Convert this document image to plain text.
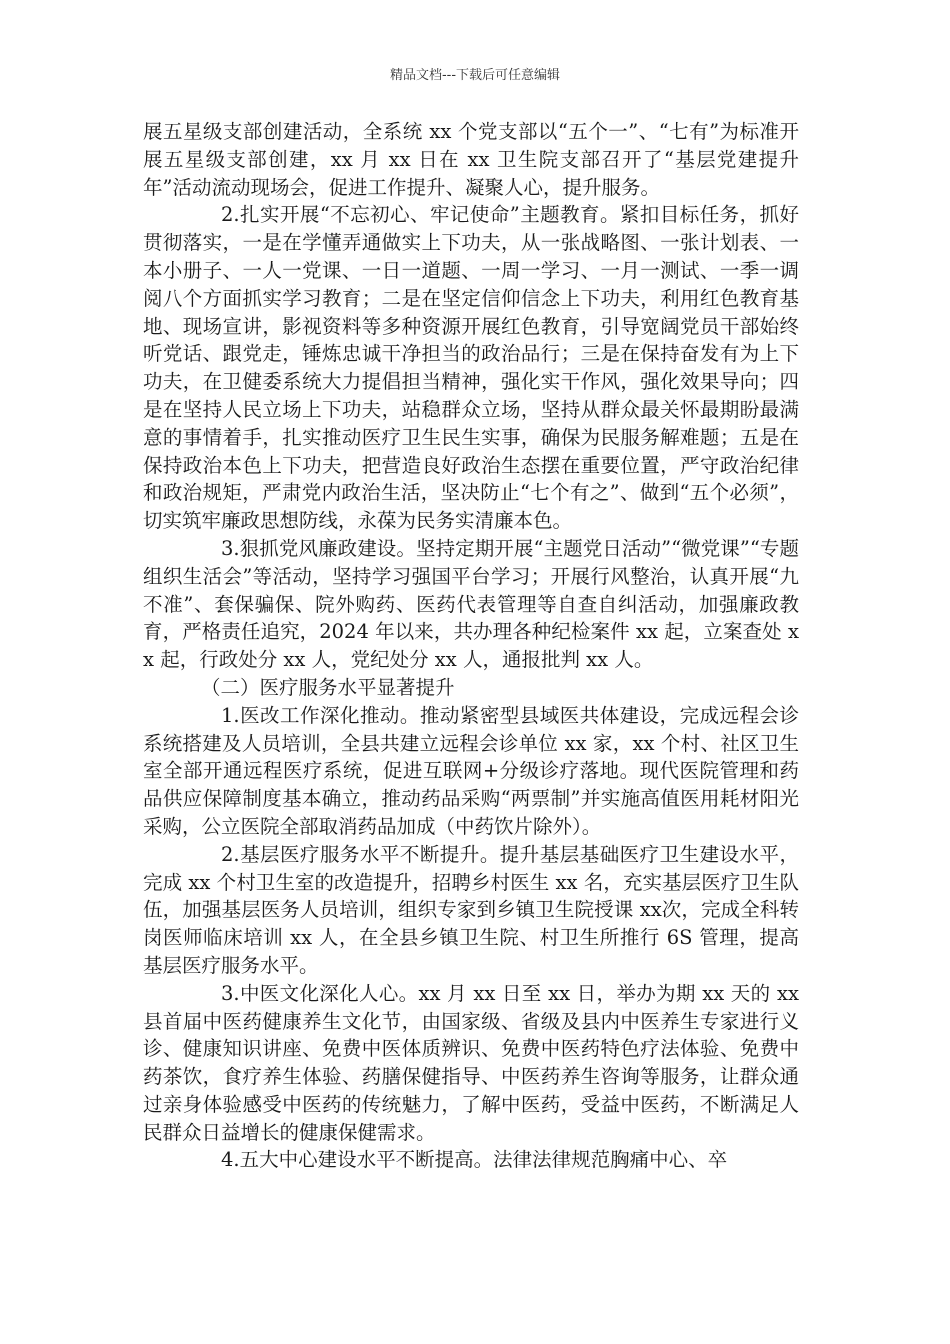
精品文档---下载后可任意编辑

展五星级支部创建活动，全系统 xx 个党支部以“五个一”、“七有”为标准开展五星级支部创建，xx 月 xx 日在 xx 卫生院支部召开了“基层党建提升年”活动流动现场会，促进工作提升、凝聚人心，提升服务。

2.扎实开展“不忘初心、牢记使命”主题教育。紧扣目标任务，抓好贯彻落实，一是在学懂弄通做实上下功夫，从一张战略图、一张计划表、一本小册子、一人一党课、一日一道题、一周一学习、一月一测试、一季一调阅八个方面抓实学习教育；二是在坚定信仰信念上下功夫，利用红色教育基地、现场宣讲，影视资料等多种资源开展红色教育，引导宽阔党员干部始终听党话、跟党走，锤炼忠诚干净担当的政治品行；三是在保持奋发有为上下功夫，在卫健委系统大力提倡担当精神，强化实干作风，强化效果导向；四是在坚持人民立场上下功夫，站稳群众立场，坚持从群众最关怀最期盼最满意的事情着手，扎实推动医疗卫生民生实事，确保为民服务解难题；五是在保持政治本色上下功夫，把营造良好政治生态摆在重要位置，严守政治纪律和政治规矩，严肃党内政治生活，坚决防止“七个有之”、做到“五个必须”，切实筑牢廉政思想防线，永葆为民务实清廉本色。

3.狠抓党风廉政建设。坚持定期开展“主题党日活动”“微党课”“专题组织生活会”等活动，坚持学习强国平台学习；开展行风整治，认真开展“九不准”、套保骗保、院外购药、医药代表管理等自查自纠活动，加强廉政教育，严格责任追究，2024 年以来，共办理各种纪检案件 xx 起，立案查处 xx 起，行政处分 xx 人，党纪处分 xx 人，通报批判 xx 人。

（二）医疗服务水平显著提升

1.医改工作深化推动。推动紧密型县域医共体建设，完成远程会诊系统搭建及人员培训，全县共建立远程会诊单位 xx 家，xx 个村、社区卫生室全部开通远程医疗系统，促进互联网+分级诊疗落地。现代医院管理和药品供应保障制度基本确立，推动药品采购“两票制”并实施高值医用耗材阳光采购，公立医院全部取消药品加成（中药饮片除外）。

2.基层医疗服务水平不断提升。提升基层基础医疗卫生建设水平，完成 xx 个村卫生室的改造提升，招聘乡村医生 xx 名，充实基层医疗卫生队伍，加强基层医务人员培训，组织专家到乡镇卫生院授课 xx次，完成全科转岗医师临床培训 xx 人，在全县乡镇卫生院、村卫生所推行 6S 管理，提高基层医疗服务水平。

3.中医文化深化人心。xx 月 xx 日至 xx 日，举办为期 xx 天的 xx县首届中医药健康养生文化节，由国家级、省级及县内中医养生专家进行义诊、健康知识讲座、免费中医体质辨识、免费中医药特色疗法体验、免费中药茶饮，食疗养生体验、药膳保健指导、中医药养生咨询等服务，让群众通过亲身体验感受中医药的传统魅力，了解中医药，受益中医药，不断满足人民群众日益增长的健康保健需求。

4.五大中心建设水平不断提高。法律法律规范胸痛中心、卒
